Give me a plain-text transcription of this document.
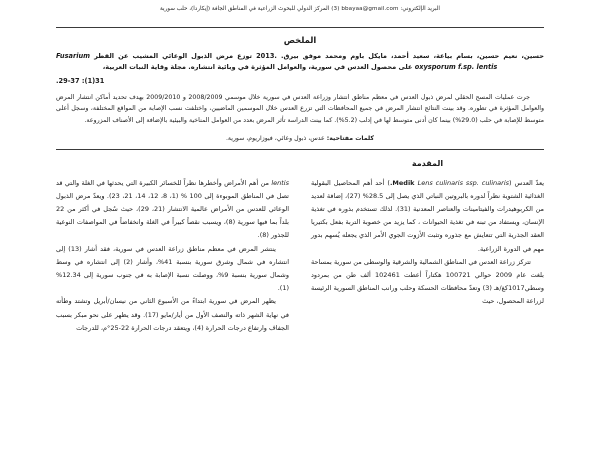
البريد الإلكتروني: bbayaa@gmail.com (3) المركز الدولي للبحوث الزراعية في المناطق الجافة (إيكاردا)، حلب سورية
الملخص

حسين، نعيم حسين، بسام بياعة، سعيد أحمد، مايكل باوم ومحمد موفق بيرق. 2013. توزع مرض الذبول الوعائي المشيب عن الفطر Fusarium oxysporum f.sp. lentis على محصول العدس في سورية، والعوامل المؤثرة في وبائية انتشاره. مجلة وقاية النبات العربية،

31(1): 29-37.

جرت عمليات المسح الحقلي لمرض ذبول العدس في معظم مناطق انتشار وزراعة العدس في سورية خلال موسمي 2008/2009 و 2009/2010 بهدف تحديد أماكن انتشار المرض والعوامل المؤثرة في تطوره. وقد بينت النتائج انتشار المرض في جميع المحافظات التي تزرع العدس خلال الموسمين الماضيين، واختلفت نسب الإصابة من المواقع المختلفة، وسجل أعلى متوسط للإصابة في حلب (29.0%) بينما كان أدنى متوسط لها في إدلب (5.2%). كما بينت الدراسة تأثر المرض بعدد من العوامل المناخية والبيئية بالإضافة إلى الأصناف المزروعة.

كلمات مفتاحية: عدس، ذبول وعائي، فيوزاريوم، سورية.

المقدمة

يعدّ العدس (Lens culinaris ssp. culinaris Medik.) أحد أهم المحاصيل البقولية الغذائية الشتوية نظراً لدوره بالبروتين النباتي الذي يصل إلى 28.5% (27)، إضافة لعديد من الكربوهيدرات والفيتامينات والعناصر المعدنية (31). لذلك تستخدم بذوره في تغذية الإنسان، ويستفاد من تبنه في تغذية الحيوانات ، كما يزيد من خصوبة التربة بفعل بكتيريا العقد الجذرية التي تتعايش مع جذوره وتثبت الأزوت الجوي الأمر الذي يجعله يُسهم بدور مهم في الدورة الزراعية.

تتركز زراعة العدس في المناطق الشمالية والشرقية والوسطى من سورية بمساحة بلغت عام 2009 حوالي 100721 هكتاراً أعطت 102461 ألف طن من بمردود وسطي1017كغ/هـ (3) وتعدّ محافظات الحسكة وحلب ورانب المناطق السورية الرئيسة لزراعة المحصول، حيث

lentis من أهم الأمراض وأخطرها نظراً للخسائر الكبيرة التي يحدثها في الغلة والتي قد تصل في المناطق الموبوءة إلى 100 % (1، 8، 12، 14، 21، 23). ويعدّ مرض الذبول الوعائي للعدس من الأمراض عالمية الانتشار (21، 29)، حيث سُجل في أكثر من 22 بلداً بما فيها سورية (8)، ويسبب نقصاً كبيراً في الغلة وانخفاضاً في المواصفات النوعية للجذور (8).

ينتشر المرض في معظم مناطق زراعة العدس في سورية، فقد أشار (13) إلى انتشاره في شمال وشرق سورية بنسبة 41%، وأشار (2) إلى انتشاره في وسط وشمال سورية بنسبة 9%، ووصلت نسبة الإصابة به في جنوب سورية إلى 12.34% (1).

يظهر المرض في سورية ابتداءً من الأسبوع الثاني من نيسان/أبريل وتشتد وطأته في نهاية الشهر ذاته والنصف الأول من أيار/مايو (17). وقد يظهر على نحو مبكر بسبب الجفاف وارتفاع درجات الحرارة (4)، ويتعقد درجات الحرارة 22-25°م، للدرجات
